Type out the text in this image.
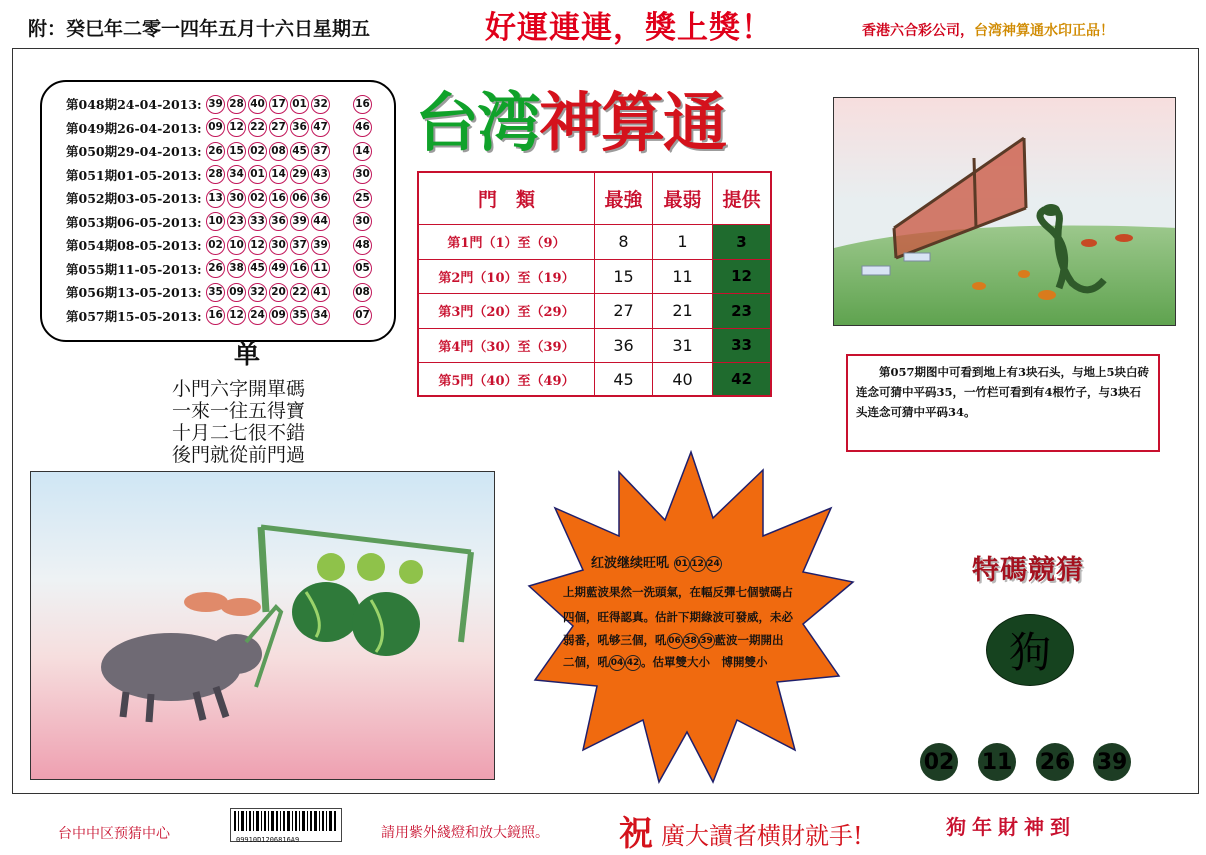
附：癸巳年二零一四年五月十六日星期五	好運連連，獎上獎！	香港六合彩公司，台湾神算通水印正品！
第048期24-04-2013: 39 28 40 17 01 32	16
第049期26-04-2013: 09 12 22 27 36 47	46
第050期29-04-2013: 26 15 02 08 45 37	14
第051期01-05-2013: 28 34 01 14 29 43	30
第052期03-05-2013: 13 30 02 16 06 36	25
第053期06-05-2013: 10 23 33 36 39 44	30
第054期08-05-2013: 02 10 12 30 37 39	48
第055期11-05-2013: 26 38 45 49 16 11	05
第056期13-05-2013: 35 09 32 20 22 41	08
第057期15-05-2013: 16 12 24 09 35 34	07
台湾神算通
門　類	最強	最弱	提供
第1門（1）至（9）	8	1	3
第2門（10）至（19）	15	11	12
第3門（20）至（29）	27	21	23
第4門（30）至（39）	36	31	33
第5門（40）至（49）	45	40	42	　　第057期图中可看到地上有3块石头，与地上5块白砖连念可猜中平码35，一竹栏可看到有4根竹子，与3块石头连念可猜中平码34。
单
小門六字開單碼
一來一往五得寶
十月二七很不錯
後門就從前門過
红波继续旺吼 01 12 24
上期藍波果然一洗頭氣，在幅反彈七個號碼占
四個，旺得認真。估計下期綠波可發威，未必
弱番，吼够三個，吼 06 38 39 藍波一期開出
二個，吼 04 42 。估單雙大小　博開雙小
特碼競猜
狗
02 11 26 39
台中中区预猜中心	09910D1206816A9	請用紫外綫燈和放大鏡照。 祝 廣大讀者横財就手!	狗年財神到
